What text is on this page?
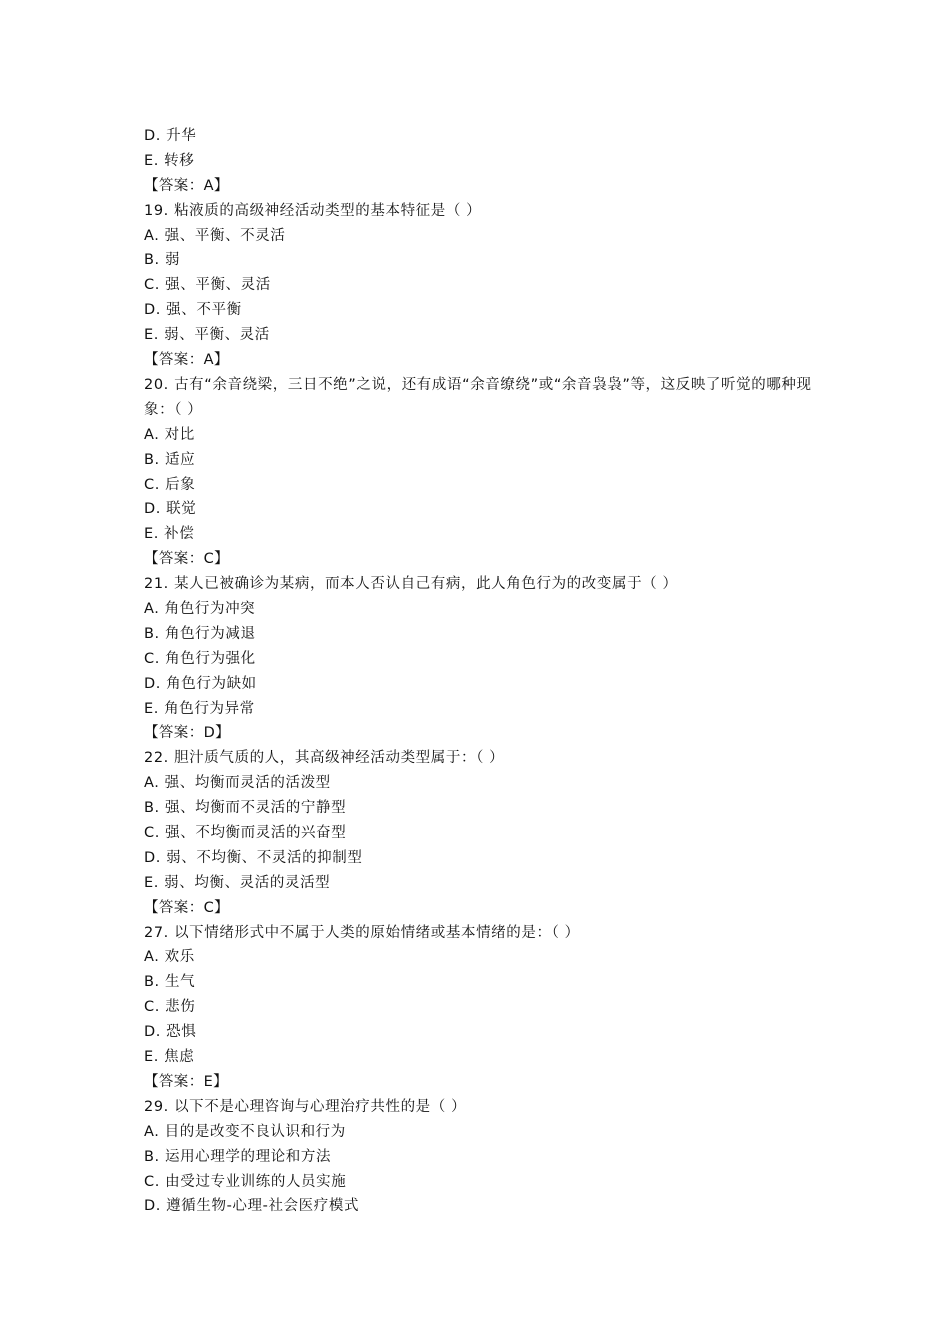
D. 升华
E. 转移
【答案：A】
19. 粘液质的高级神经活动类型的基本特征是（ ）
A. 强、平衡、不灵活
B. 弱
C. 强、平衡、灵活
D. 强、不平衡
E. 弱、平衡、灵活
【答案：A】
20. 古有“余音绕梁，三日不绝”之说，还有成语“余音缭绕”或“余音袅袅”等，这反映了听觉的哪种现象：（ ）
A. 对比
B. 适应
C. 后象
D. 联觉
E. 补偿
【答案：C】
21. 某人已被确诊为某病，而本人否认自己有病，此人角色行为的改变属于（ ）
A. 角色行为冲突
B. 角色行为减退
C. 角色行为强化
D. 角色行为缺如
E. 角色行为异常
【答案：D】
22. 胆汁质气质的人，其高级神经活动类型属于：（ ）
A. 强、均衡而灵活的活泼型
B. 强、均衡而不灵活的宁静型
C. 强、不均衡而灵活的兴奋型
D. 弱、不均衡、不灵活的抑制型
E. 弱、均衡、灵活的灵活型
【答案：C】
27. 以下情绪形式中不属于人类的原始情绪或基本情绪的是：（ ）
A. 欢乐
B. 生气
C. 悲伤
D. 恐惧
E. 焦虑
【答案：E】
29. 以下不是心理咨询与心理治疗共性的是（ ）
A. 目的是改变不良认识和行为
B. 运用心理学的理论和方法
C. 由受过专业训练的人员实施
D. 遵循生物-心理-社会医疗模式
